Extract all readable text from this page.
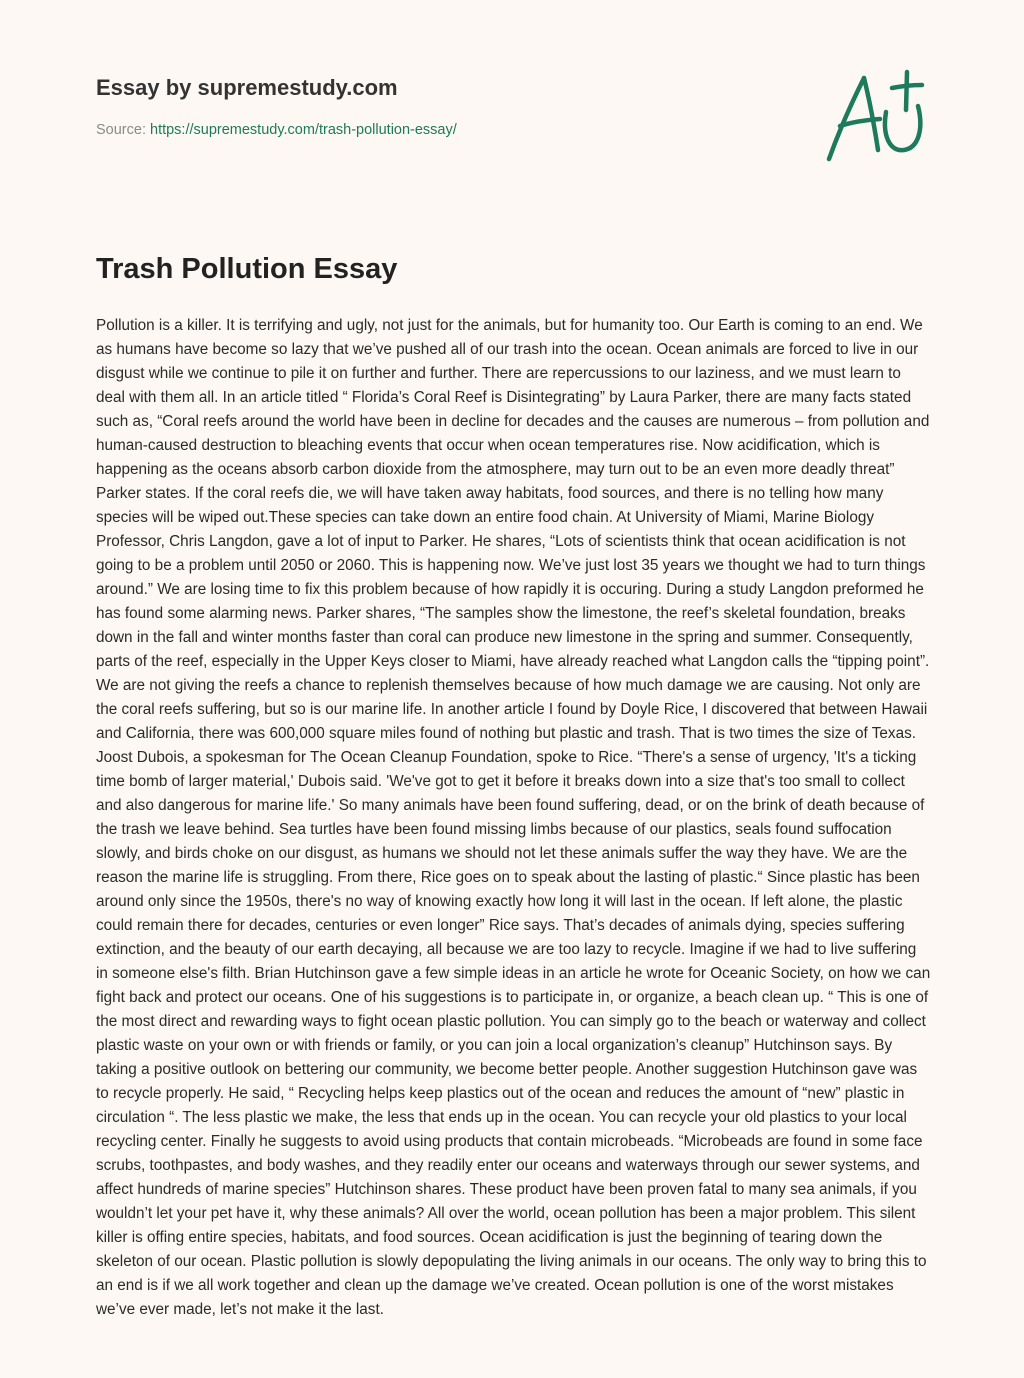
Essay by supremestudy.com
Source: https://supremestudy.com/trash-pollution-essay/
Trash Pollution Essay

Pollution is a killer. It is terrifying and ugly, not just for the animals, but for humanity too. Our Earth is coming to an end. We as humans have become so lazy that we’ve pushed all of our trash into the ocean. Ocean animals are forced to live in our disgust while we continue to pile it on further and further. There are repercussions to our laziness, and we must learn to deal with them all. In an article titled “ Florida’s Coral Reef is Disintegrating” by Laura Parker, there are many facts stated such as, “Coral reefs around the world have been in decline for decades and the causes are numerous – from pollution and human-caused destruction to bleaching events that occur when ocean temperatures rise. Now acidification, which is happening as the oceans absorb carbon dioxide from the atmosphere, may turn out to be an even more deadly threat” Parker states. If the coral reefs die, we will have taken away habitats, food sources, and there is no telling how many species will be wiped out.These species can take down an entire food chain. At University of Miami, Marine Biology Professor, Chris Langdon, gave a lot of input to Parker. He shares, “Lots of scientists think that ocean acidification is not going to be a problem until 2050 or 2060. This is happening now. We’ve just lost 35 years we thought we had to turn things around.” We are losing time to fix this problem because of how rapidly it is occuring. During a study Langdon preformed he has found some alarming news. Parker shares, “The samples show the limestone, the reef’s skeletal foundation, breaks down in the fall and winter months faster than coral can produce new limestone in the spring and summer. Consequently, parts of the reef, especially in the Upper Keys closer to Miami, have already reached what Langdon calls the “tipping point”. We are not giving the reefs a chance to replenish themselves because of how much damage we are causing. Not only are the coral reefs suffering, but so is our marine life. In another article I found by Doyle Rice, I discovered that between Hawaii and California, there was 600,000 square miles found of nothing but plastic and trash. That is two times the size of Texas. Joost Dubois, a spokesman for The Ocean Cleanup Foundation, spoke to Rice. “There's a sense of urgency, 'It's a ticking time bomb of larger material,' Dubois said. 'We've got to get it before it breaks down into a size that's too small to collect and also dangerous for marine life.' So many animals have been found suffering, dead, or on the brink of death because of the trash we leave behind. Sea turtles have been found missing limbs because of our plastics, seals found suffocation slowly, and birds choke on our disgust, as humans we should not let these animals suffer the way they have. We are the reason the marine life is struggling. From there, Rice goes on to speak about the lasting of plastic.“ Since plastic has been around only since the 1950s, there's no way of knowing exactly how long it will last in the ocean. If left alone, the plastic could remain there for decades, centuries or even longer” Rice says. That’s decades of animals dying, species suffering extinction, and the beauty of our earth decaying, all because we are too lazy to recycle. Imagine if we had to live suffering in someone else's filth. Brian Hutchinson gave a few simple ideas in an article he wrote for Oceanic Society, on how we can fight back and protect our oceans. One of his suggestions is to participate in, or organize, a beach clean up. “ This is one of the most direct and rewarding ways to fight ocean plastic pollution. You can simply go to the beach or waterway and collect plastic waste on your own or with friends or family, or you can join a local organization’s cleanup” Hutchinson says. By taking a positive outlook on bettering our community, we become better people. Another suggestion Hutchinson gave was to recycle properly. He said, “ Recycling helps keep plastics out of the ocean and reduces the amount of “new” plastic in circulation “. The less plastic we make, the less that ends up in the ocean. You can recycle your old plastics to your local recycling center. Finally he suggests to avoid using products that contain microbeads. “Microbeads are found in some face scrubs, toothpastes, and body washes, and they readily enter our oceans and waterways through our sewer systems, and affect hundreds of marine species” Hutchinson shares. These product have been proven fatal to many sea animals, if you wouldn’t let your pet have it, why these animals? All over the world, ocean pollution has been a major problem. This silent killer is offing entire species, habitats, and food sources. Ocean acidification is just the beginning of tearing down the skeleton of our ocean. Plastic pollution is slowly depopulating the living animals in our oceans. The only way to bring this to an end is if we all work together and clean up the damage we’ve created. Ocean pollution is one of the worst mistakes we’ve ever made, let’s not make it the last.
